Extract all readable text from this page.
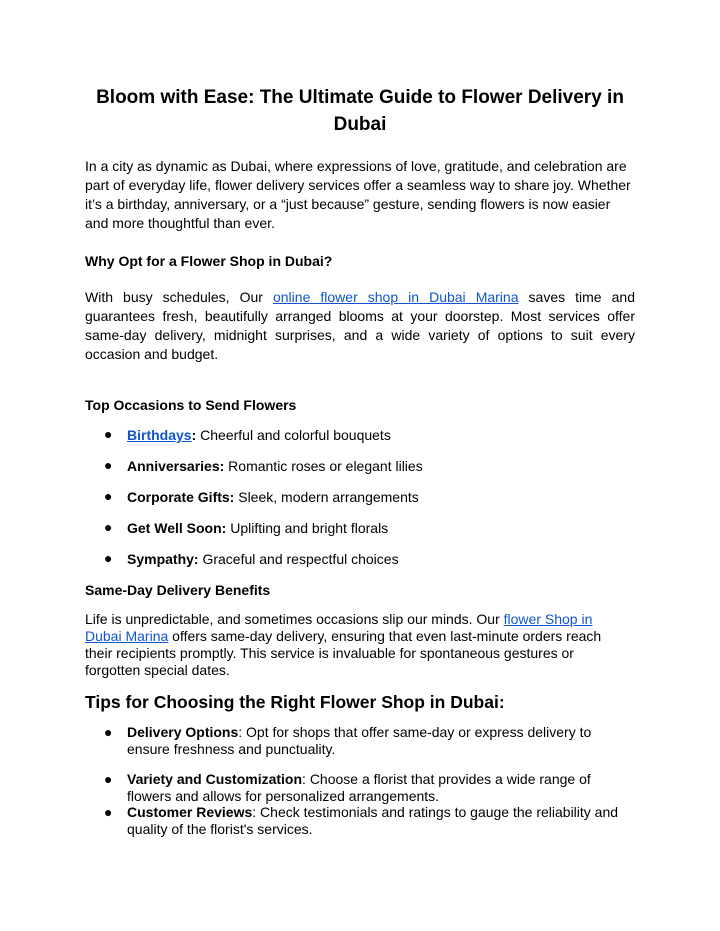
Bloom with Ease: The Ultimate Guide to Flower Delivery in Dubai
In a city as dynamic as Dubai, where expressions of love, gratitude, and celebration are part of everyday life, flower delivery services offer a seamless way to share joy. Whether it’s a birthday, anniversary, or a “just because” gesture, sending flowers is now easier and more thoughtful than ever.
Why Opt for a Flower Shop in Dubai?
With busy schedules, Our online flower shop in Dubai Marina saves time and guarantees fresh, beautifully arranged blooms at your doorstep. Most services offer same-day delivery, midnight surprises, and a wide variety of options to suit every occasion and budget.
Top Occasions to Send Flowers
● Birthdays: Cheerful and colorful bouquets
● Anniversaries: Romantic roses or elegant lilies
● Corporate Gifts: Sleek, modern arrangements
● Get Well Soon: Uplifting and bright florals
● Sympathy: Graceful and respectful choices
Same-Day Delivery Benefits
Life is unpredictable, and sometimes occasions slip our minds. Our flower Shop in Dubai Marina offers same-day delivery, ensuring that even last-minute orders reach their recipients promptly. This service is invaluable for spontaneous gestures or forgotten special dates.
Tips for Choosing the Right Flower Shop in Dubai:
● Delivery Options: Opt for shops that offer same-day or express delivery to ensure freshness and punctuality.
● Variety and Customization: Choose a florist that provides a wide range of flowers and allows for personalized arrangements.
● Customer Reviews: Check testimonials and ratings to gauge the reliability and quality of the florist's services.
